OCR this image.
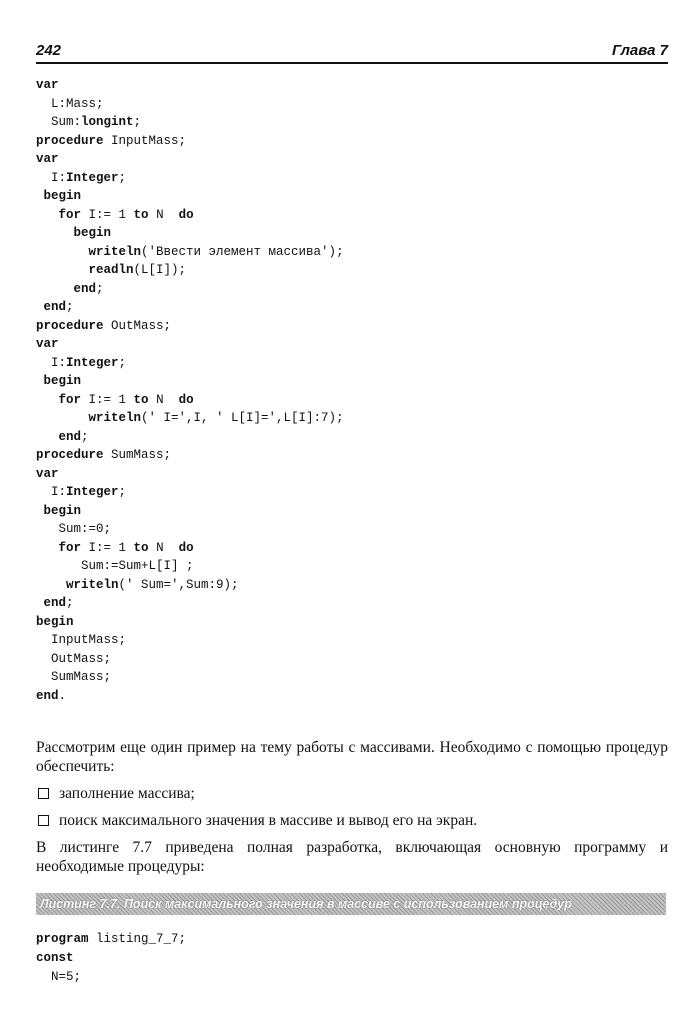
242	Глава 7
var
L:Mass;
Sum:longint;
procedure InputMass;
var
I:Integer;
begin
for I:= 1 to N  do
begin
writeln('Ввести элемент массива');
readln(L[I]);
end;
end;
procedure OutMass;
var
I:Integer;
begin
for I:= 1 to N  do
writeln(' I=',I, ' L[I]=',L[I]:7);
end;
procedure SumMass;
var
I:Integer;
begin
Sum:=0;
for I:= 1 to N  do
Sum:=Sum+L[I] ;
writeln(' Sum=',Sum:9);
end;
begin
InputMass;
OutMass;
SumMass;
end.

Рассмотрим еще один пример на тему работы с массивами. Необходимо с помощью процедур обеспечить:

заполнение массива;
поиск максимального значения в массиве и вывод его на экран.

В листинге 7.7 приведена полная разработка, включающая основную программу и необходимые процедуры:

Листинг 7.7. Поиск максимального значения в массиве с использованием процедур
program listing_7_7;
const
N=5;
